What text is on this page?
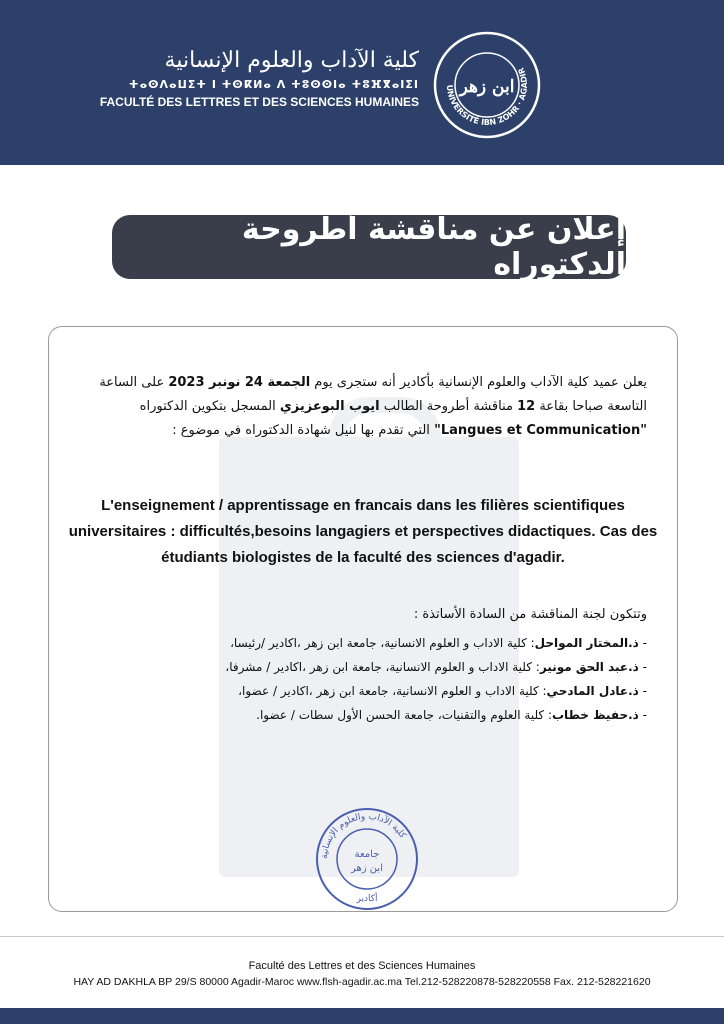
كلية الآداب والعلوم الإنسانية
ⵜⴰⵙⴷⴰⵡⵉⵜ ⵏ ⵜⵙⴽⵍⴰ ⴷ ⵜⵓⵙⵙⵏⴰ ⵜⵓⴼⴳⴰⵏⵉⵏ
FACULTÉ DES LETTRES ET DES SCIENCES HUMAINES
UNIVERSITÉ IBN ZOHR · AGADIR
ابن زهر
إعلان عن مناقشة أطروحة الدكتوراه
يعلن عميد كلية الآداب والعلوم الإنسانية بأكادير أنه ستجرى يوم الجمعة 24 نونبر 2023 على الساعة
التاسعة صباحا بقاعة 12 مناقشة أطروحة الطالب ايوب البوعزيزي المسجل بتكوين الدكتوراه
"Langues et Communication" التي تقدم بها لنيل شهادة الدكتوراه في موضوع :
L'enseignement / apprentissage en francais dans les filières scientifiques universitaires : difficultés,besoins langagiers et perspectives didactiques. Cas des étudiants biologistes de la faculté des sciences d'agadir.
وتتكون لجنة المناقشة من السادة الأساتذة :
- ذ.المختار المواحل: كلية الاداب و العلوم الانسانية، جامعة ابن زهر ،اكادير /رئيسا،
- ذ.عبد الحق مونير: كلية الاداب و العلوم الانسانية، جامعة ابن زهر ،اكادير / مشرفا،
- ذ.عادل المادحي: كلية الاداب و العلوم الانسانية، جامعة ابن زهر ،اكادير / عضوا،
- ذ.حفيظ خطاب: كلية العلوم والتقنيات، جامعة الحسن الأول سطات / عضوا.
كلية الآداب والعلوم الإنسانية
جامعة
ابن زهر
أكادير
Faculté des Lettres et des Sciences Humaines
HAY AD DAKHLA BP 29/S 80000 Agadir-Maroc www.flsh-agadir.ac.ma Tel.212-528220878-528220558 Fax. 212-528221620
